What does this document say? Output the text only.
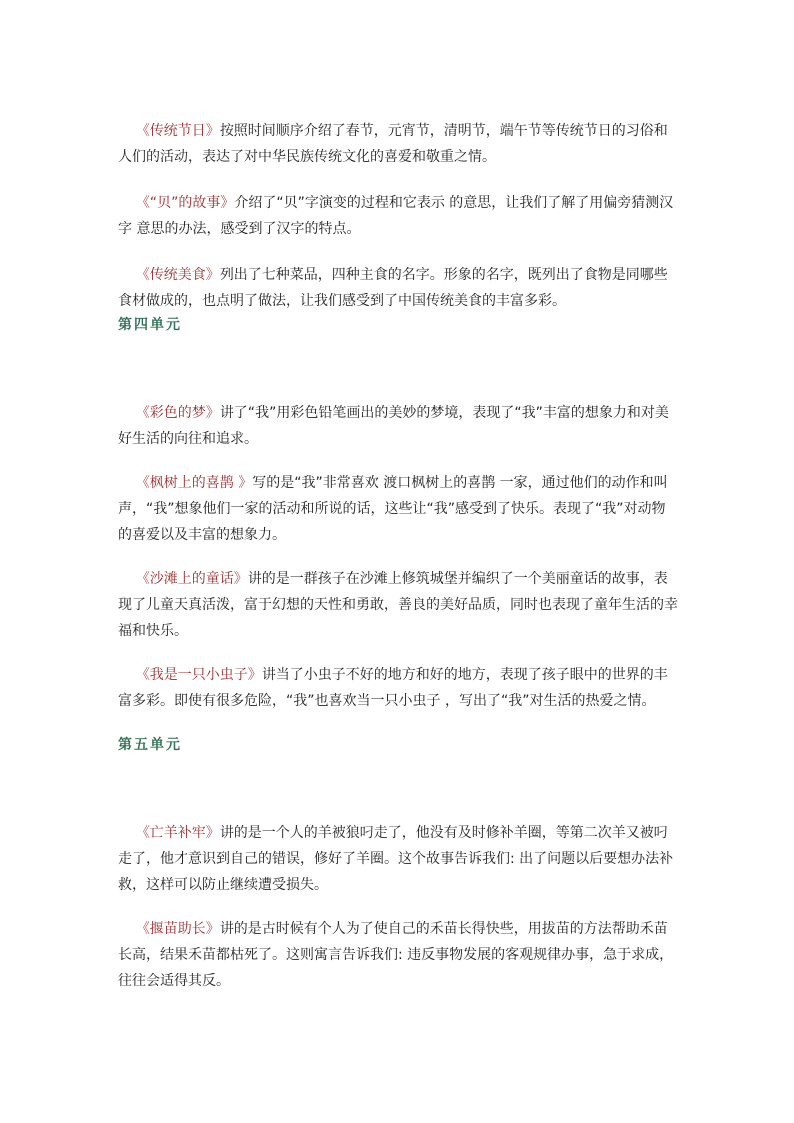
《传统节日》按照时间顺序介绍了春节，元宵节，清明节，端午节等传统节日的习俗和人们的活动，表达了对中华民族传统文化的喜爱和敬重之情。

《“贝”的故事》介绍了“贝”字演变的过程和它表示 的意思，让我们了解了用偏旁猜测汉字 意思的办法，感受到了汉字的特点。

《传统美食》列出了七种菜品，四种主食的名字。形象的名字，既列出了食物是同哪些食材做成的，也点明了做法，让我们感受到了中国传统美食的丰富多彩。

第四单元

《彩色的梦》讲了“我”用彩色铅笔画出的美妙的梦境，表现了“我”丰富的想象力和对美好生活的向往和追求。

《枫树上的喜鹊 》写的是“我”非常喜欢 渡口枫树上的喜鹊 一家，通过他们的动作和叫声，“我”想象他们一家的活动和所说的话，这些让“我”感受到了快乐。表现了“我”对动物的喜爱以及丰富的想象力。

《沙滩上的童话》讲的是一群孩子在沙滩上修筑城堡并编织了一个美丽童话的故事，表现了儿童天真活泼，富于幻想的天性和勇敢，善良的美好品质，同时也表现了童年生活的幸福和快乐。

《我是一只小虫子》讲当了小虫子不好的地方和好的地方，表现了孩子眼中的世界的丰富多彩。即使有很多危险，“我”也喜欢当一只小虫子 ，写出了“我”对生活的热爱之情。

第五单元

《亡羊补牢》讲的是一个人的羊被狼叼走了，他没有及时修补羊圈，等第二次羊又被叼走了，他才意识到自己的错误，修好了羊圈。这个故事告诉我们: 出了问题以后要想办法补救，这样可以防止继续遭受损失。

《揠苗助长》讲的是古时候有个人为了使自己的禾苗长得快些，用拔苗的方法帮助禾苗长高，结果禾苗都枯死了。这则寓言告诉我们: 违反事物发展的客观规律办事，急于求成，往往会适得其反。
